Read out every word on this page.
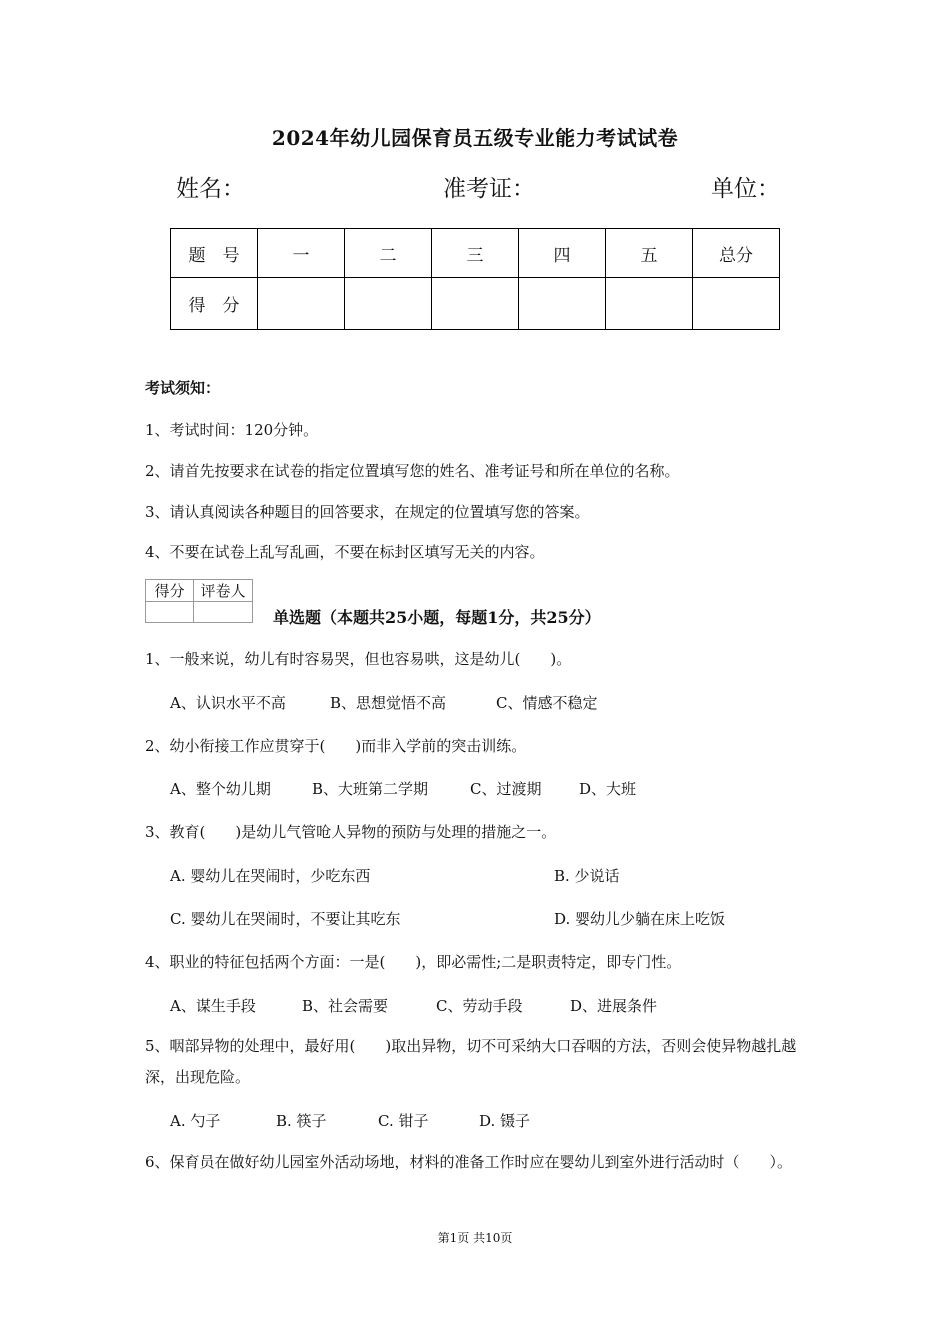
2024年幼儿园保育员五级专业能力考试试卷
姓名：	准考证：	单位：
题　号	一	二	三	四	五	总分
得　分						
考试须知：
1、考试时间：120分钟。
2、请首先按要求在试卷的指定位置填写您的姓名、准考证号和所在单位的名称。
3、请认真阅读各种题目的回答要求，在规定的位置填写您的答案。
4、不要在试卷上乱写乱画，不要在标封区填写无关的内容。
得分	评卷人

单选题（本题共25小题，每题1分，共25分）
1、一般来说，幼儿有时容易哭，但也容易哄，这是幼儿(　　)。
A、认识水平不高	B、思想觉悟不高	C、情感不稳定
2、幼小衔接工作应贯穿于(　　)而非入学前的突击训练。
A、整个幼儿期	B、大班第二学期	C、过渡期	D、大班
3、教育(　　)是幼儿气管呛人异物的预防与处理的措施之一。
A. 婴幼儿在哭闹时，少吃东西	B. 少说话
C. 婴幼儿在哭闹时，不要让其吃东	D. 婴幼儿少躺在床上吃饭
4、职业的特征包括两个方面：一是(　　)，即必需性;二是职责特定，即专门性。
A、谋生手段	B、社会需要	C、劳动手段	D、进展条件
5、咽部异物的处理中，最好用(　　)取出异物，切不可采纳大口吞咽的方法，否则会使异物越扎越深，出现危险。
A. 勺子	B. 筷子	C. 钳子	D. 镊子
6、保育员在做好幼儿园室外活动场地，材料的准备工作时应在婴幼儿到室外进行活动时（　　）。
第1页 共10页
